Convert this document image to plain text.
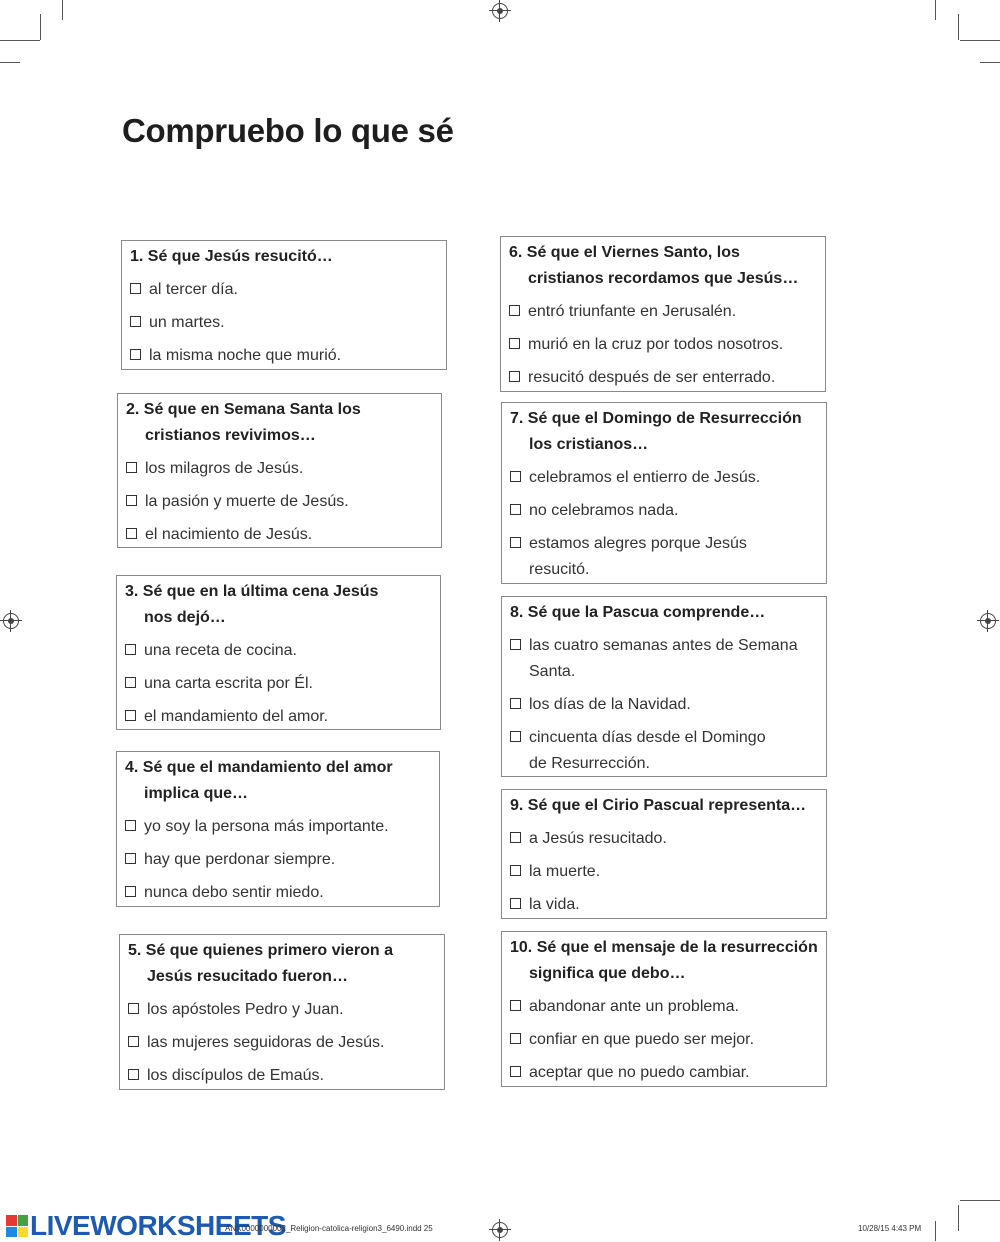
Compruebo lo que sé
1. Sé que Jesús resucitó…
al tercer día.
un martes.
la misma noche que murió.
2. Sé que en Semana Santa los cristianos revivimos…
los milagros de Jesús.
la pasión y muerte de Jesús.
el nacimiento de Jesús.
3. Sé que en la última cena Jesús nos dejó…
una receta de cocina.
una carta escrita por Él.
el mandamiento del amor.
4. Sé que el mandamiento del amor implica que…
yo soy la persona más importante.
hay que perdonar siempre.
nunca debo sentir miedo.
5. Sé que quienes primero vieron a Jesús resucitado fueron…
los apóstoles Pedro y Juan.
las mujeres seguidoras de Jesús.
los discípulos de Emaús.
6. Sé que el Viernes Santo, los cristianos recordamos que Jesús…
entró triunfante en Jerusalén.
murió en la cruz por todos nosotros.
resucitó después de ser enterrado.
7. Sé que el Domingo de Resurrección los cristianos…
celebramos el entierro de Jesús.
no celebramos nada.
estamos alegres porque Jesús resucitó.
8. Sé que la Pascua comprende…
las cuatro semanas antes de Semana Santa.
los días de la Navidad.
cincuenta días desde el Domingo de Resurrección.
9. Sé que el Cirio Pascual representa…
a Jesús resucitado.
la muerte.
la vida.
10. Sé que el mensaje de la resurrección significa que debo…
abandonar ante un problema.
confiar en que puedo ser mejor.
aceptar que no puedo cambiar.
LIVEWORKSHEETS
ANX0000000002_Religion-catolica-religion3_6490.indd 25	10/28/15 4:43 PM
